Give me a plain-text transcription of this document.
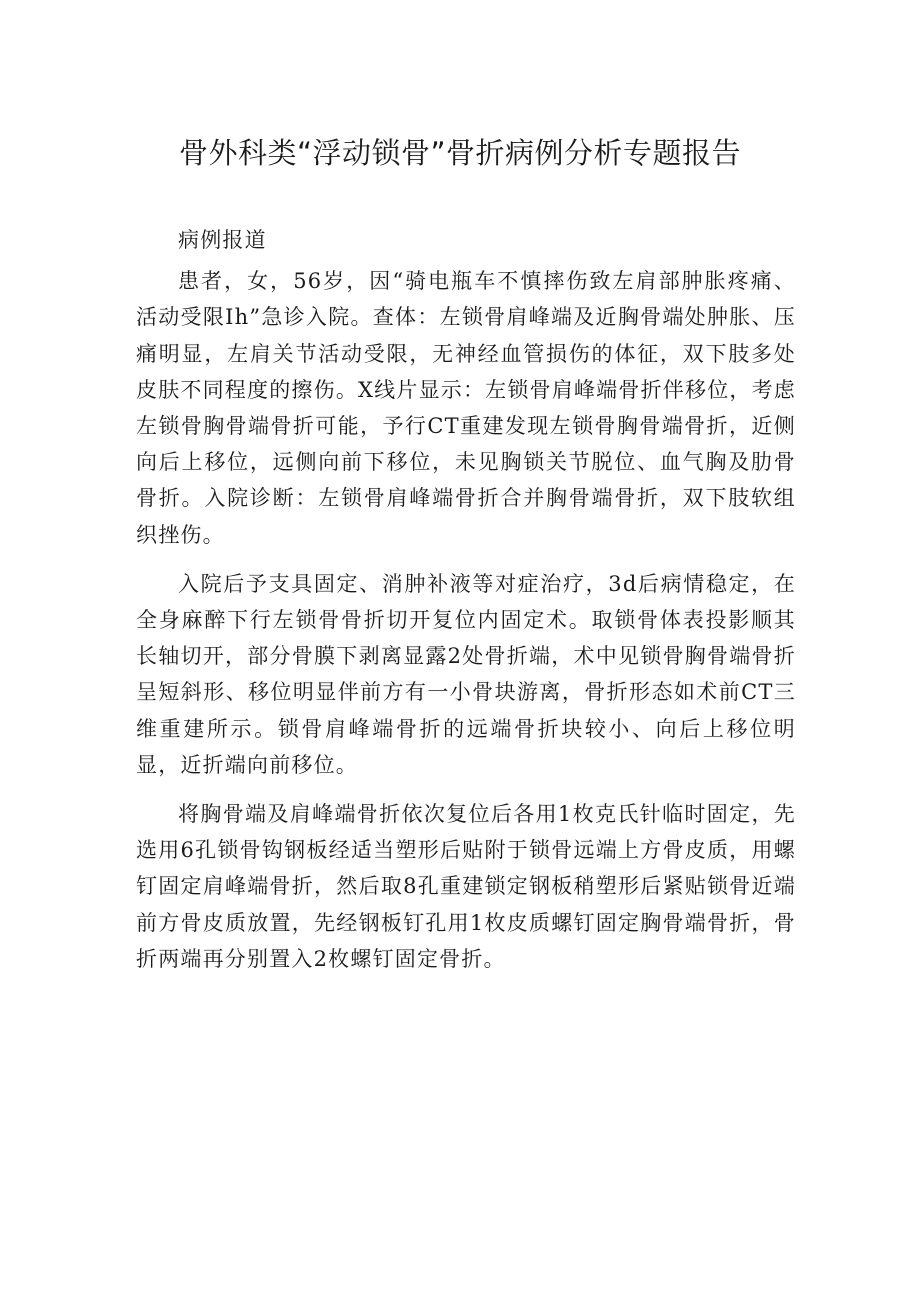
骨外科类“浮动锁骨”骨折病例分析专题报告

病例报道

患者，女，56岁，因“骑电瓶车不慎摔伤致左肩部肿胀疼痛、活动受限Ih”急诊入院。查体：左锁骨肩峰端及近胸骨端处肿胀、压痛明显，左肩关节活动受限，无神经血管损伤的体征，双下肢多处皮肤不同程度的擦伤。X线片显示：左锁骨肩峰端骨折伴移位，考虑左锁骨胸骨端骨折可能，予行CT重建发现左锁骨胸骨端骨折，近侧向后上移位，远侧向前下移位，未见胸锁关节脱位、血气胸及肋骨骨折。入院诊断：左锁骨肩峰端骨折合并胸骨端骨折，双下肢软组织挫伤。

入院后予支具固定、消肿补液等对症治疗，3d后病情稳定，在全身麻醉下行左锁骨骨折切开复位内固定术。取锁骨体表投影顺其长轴切开，部分骨膜下剥离显露2处骨折端，术中见锁骨胸骨端骨折呈短斜形、移位明显伴前方有一小骨块游离，骨折形态如术前CT三维重建所示。锁骨肩峰端骨折的远端骨折块较小、向后上移位明显，近折端向前移位。

将胸骨端及肩峰端骨折依次复位后各用1枚克氏针临时固定，先选用6孔锁骨钩钢板经适当塑形后贴附于锁骨远端上方骨皮质，用螺钉固定肩峰端骨折，然后取8孔重建锁定钢板稍塑形后紧贴锁骨近端前方骨皮质放置，先经钢板钉孔用1枚皮质螺钉固定胸骨端骨折，骨折两端再分别置入2枚螺钉固定骨折。
